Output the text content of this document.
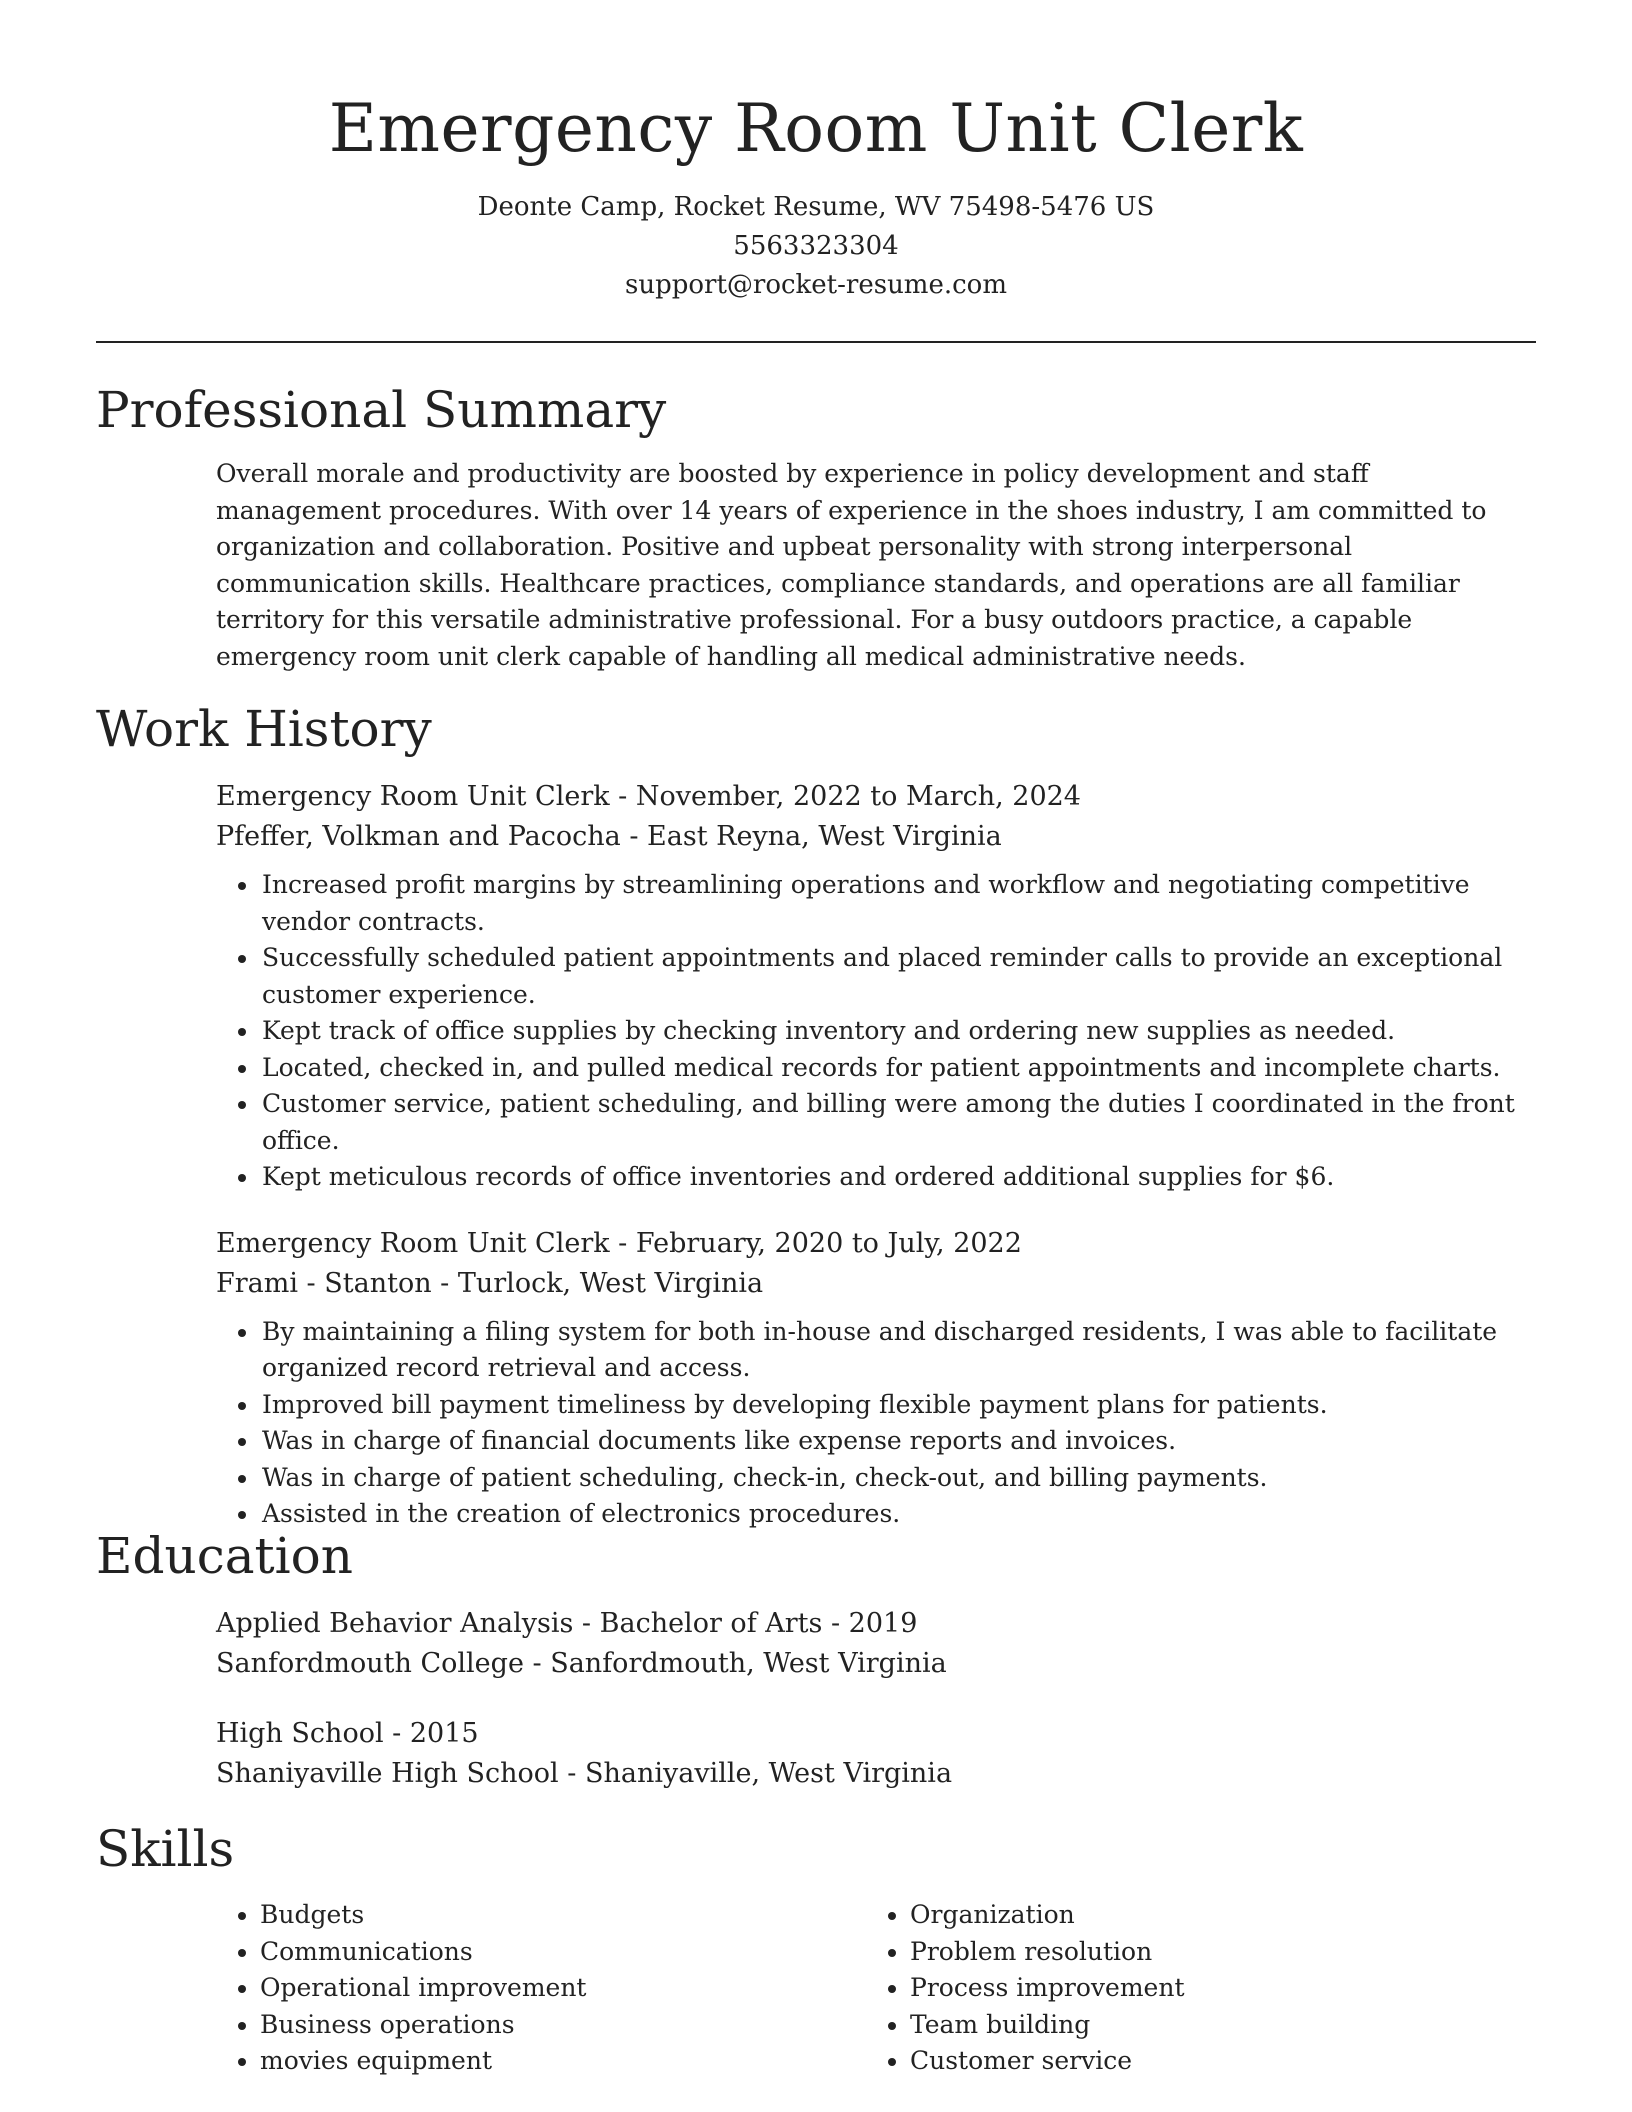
Emergency Room Unit Clerk
Deonte Camp, Rocket Resume, WV 75498-5476 US
5563323304
support@rocket-resume.com
Professional Summary
Overall morale and productivity are boosted by experience in policy development and staff management procedures. With over 14 years of experience in the shoes industry, I am committed to organization and collaboration. Positive and upbeat personality with strong interpersonal communication skills. Healthcare practices, compliance standards, and operations are all familiar territory for this versatile administrative professional. For a busy outdoors practice, a capable emergency room unit clerk capable of handling all medical administrative needs.
Work History
Emergency Room Unit Clerk - November, 2022 to March, 2024
Pfeffer, Volkman and Pacocha - East Reyna, West Virginia
• Increased profit margins by streamlining operations and workflow and negotiating competitive vendor contracts.
• Successfully scheduled patient appointments and placed reminder calls to provide an exceptional customer experience.
• Kept track of office supplies by checking inventory and ordering new supplies as needed.
• Located, checked in, and pulled medical records for patient appointments and incomplete charts.
• Customer service, patient scheduling, and billing were among the duties I coordinated in the front office.
• Kept meticulous records of office inventories and ordered additional supplies for $6.
Emergency Room Unit Clerk - February, 2020 to July, 2022
Frami - Stanton - Turlock, West Virginia
• By maintaining a filing system for both in-house and discharged residents, I was able to facilitate organized record retrieval and access.
• Improved bill payment timeliness by developing flexible payment plans for patients.
• Was in charge of financial documents like expense reports and invoices.
• Was in charge of patient scheduling, check-in, check-out, and billing payments.
• Assisted in the creation of electronics procedures.
Education
Applied Behavior Analysis - Bachelor of Arts - 2019
Sanfordmouth College - Sanfordmouth, West Virginia
High School - 2015
Shaniyaville High School - Shaniyaville, West Virginia
Skills
• Budgets
• Communications
• Operational improvement
• Business operations
• movies equipment
• Organization
• Problem resolution
• Process improvement
• Team building
• Customer service
